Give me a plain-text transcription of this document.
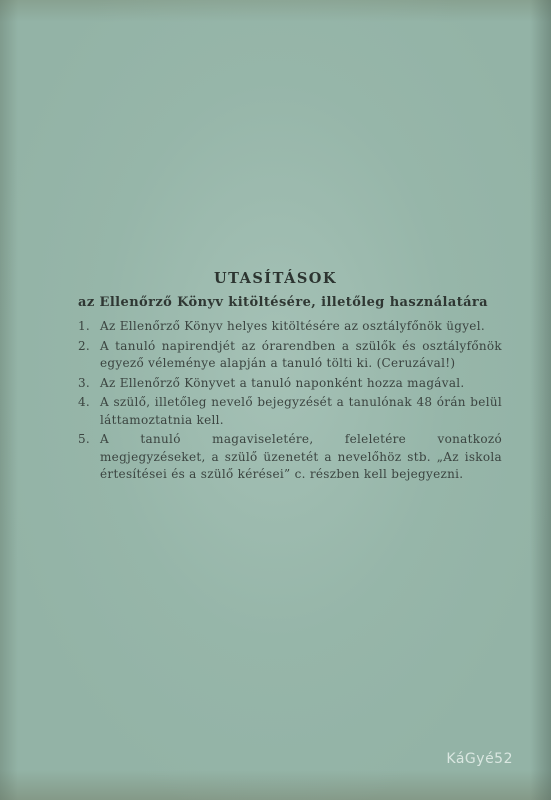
UTASÍTÁSOK
az Ellenőrző Könyv kitöltésére, illetőleg használatára
1. Az Ellenőrző Könyv helyes kitöltésére az osztályfőnök ügyel.
2. A tanuló napirendjét az órarendben a szülők és osztályfőnök egyező véleménye alapján a tanuló tölti ki. (Ceruzával!)
3. Az Ellenőrző Könyvet a tanuló naponként hozza magával.
4. A szülő, illetőleg nevelő bejegyzését a tanulónak 48 órán belül láttamoztatnia kell.
5. A tanuló magaviseletére, feleletére vonatkozó megjegyzéseket, a szülő üzenetét a nevelőhöz stb. „Az iskola értesítései és a szülő kérései” c. részben kell bejegyezni.
KáGyé52
